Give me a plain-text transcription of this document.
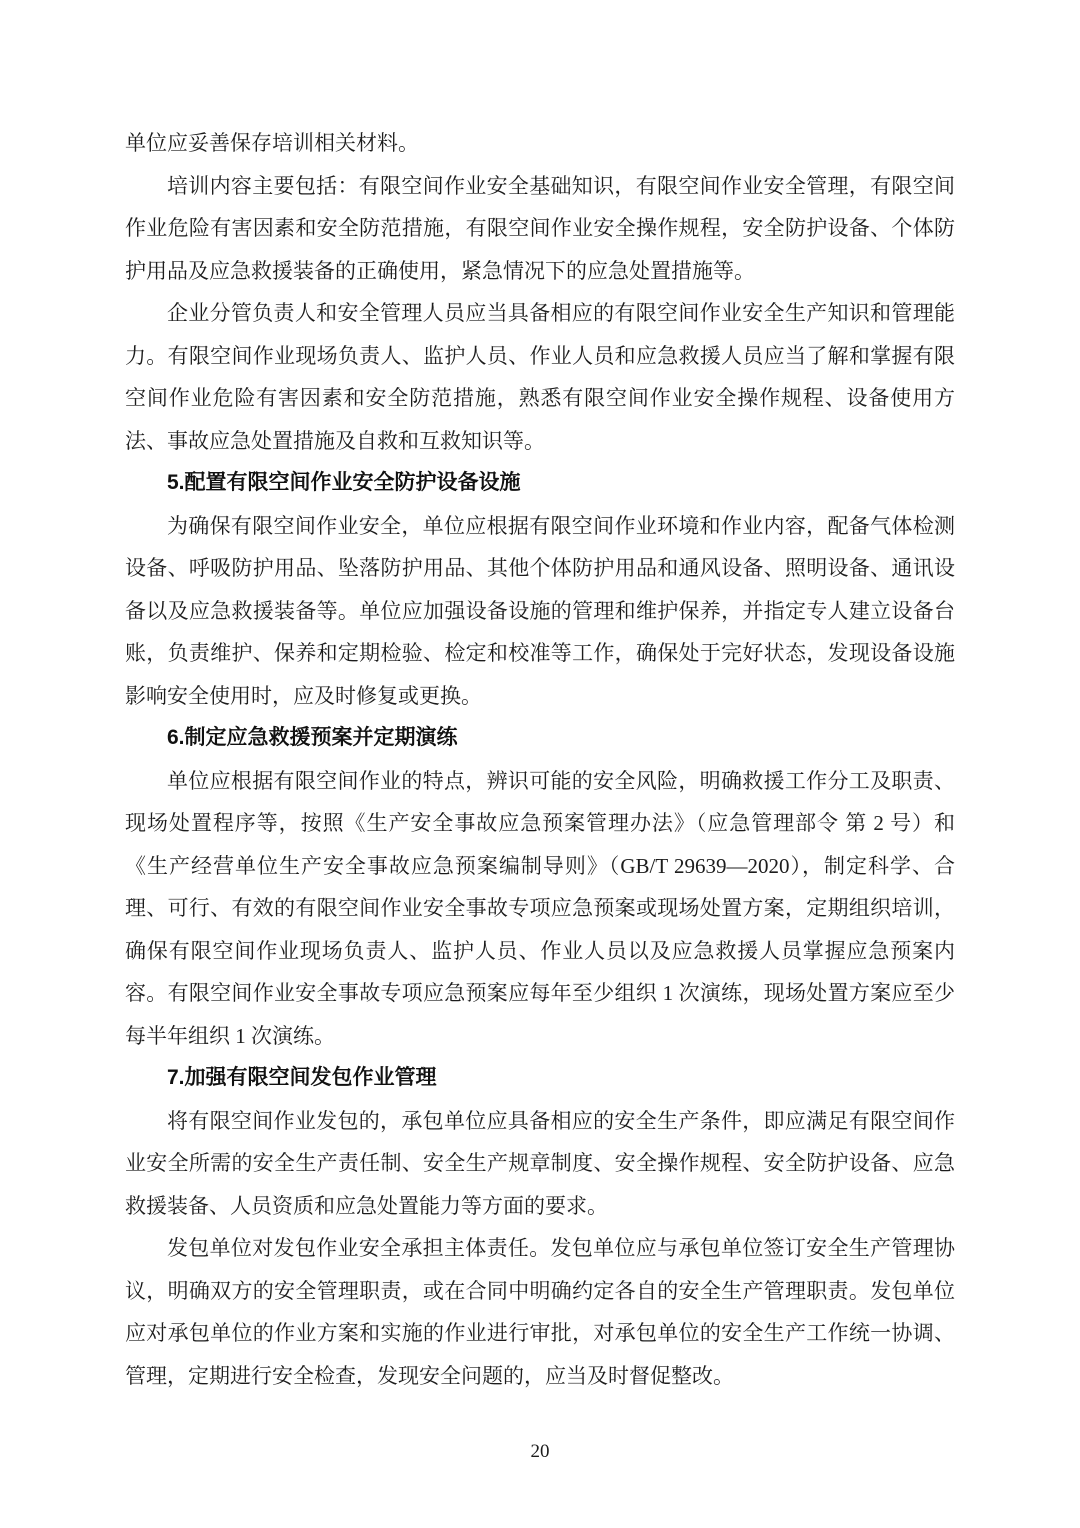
单位应妥善保存培训相关材料。

培训内容主要包括：有限空间作业安全基础知识，有限空间作业安全管理，有限空间作业危险有害因素和安全防范措施，有限空间作业安全操作规程，安全防护设备、个体防护用品及应急救援装备的正确使用，紧急情况下的应急处置措施等。

企业分管负责人和安全管理人员应当具备相应的有限空间作业安全生产知识和管理能力。有限空间作业现场负责人、监护人员、作业人员和应急救援人员应当了解和掌握有限空间作业危险有害因素和安全防范措施，熟悉有限空间作业安全操作规程、设备使用方法、事故应急处置措施及自救和互救知识等。

5.配置有限空间作业安全防护设备设施

为确保有限空间作业安全，单位应根据有限空间作业环境和作业内容，配备气体检测设备、呼吸防护用品、坠落防护用品、其他个体防护用品和通风设备、照明设备、通讯设备以及应急救援装备等。单位应加强设备设施的管理和维护保养，并指定专人建立设备台账，负责维护、保养和定期检验、检定和校准等工作，确保处于完好状态，发现设备设施影响安全使用时，应及时修复或更换。

6.制定应急救援预案并定期演练

单位应根据有限空间作业的特点，辨识可能的安全风险，明确救援工作分工及职责、现场处置程序等，按照《生产安全事故应急预案管理办法》（应急管理部令 第 2 号）和《生产经营单位生产安全事故应急预案编制导则》（GB/T 29639—2020），制定科学、合理、可行、有效的有限空间作业安全事故专项应急预案或现场处置方案，定期组织培训，确保有限空间作业现场负责人、监护人员、作业人员以及应急救援人员掌握应急预案内容。有限空间作业安全事故专项应急预案应每年至少组织 1 次演练，现场处置方案应至少每半年组织 1 次演练。

7.加强有限空间发包作业管理

将有限空间作业发包的，承包单位应具备相应的安全生产条件，即应满足有限空间作业安全所需的安全生产责任制、安全生产规章制度、安全操作规程、安全防护设备、应急救援装备、人员资质和应急处置能力等方面的要求。

发包单位对发包作业安全承担主体责任。发包单位应与承包单位签订安全生产管理协议，明确双方的安全管理职责，或在合同中明确约定各自的安全生产管理职责。发包单位应对承包单位的作业方案和实施的作业进行审批，对承包单位的安全生产工作统一协调、管理，定期进行安全检查，发现安全问题的，应当及时督促整改。

20
